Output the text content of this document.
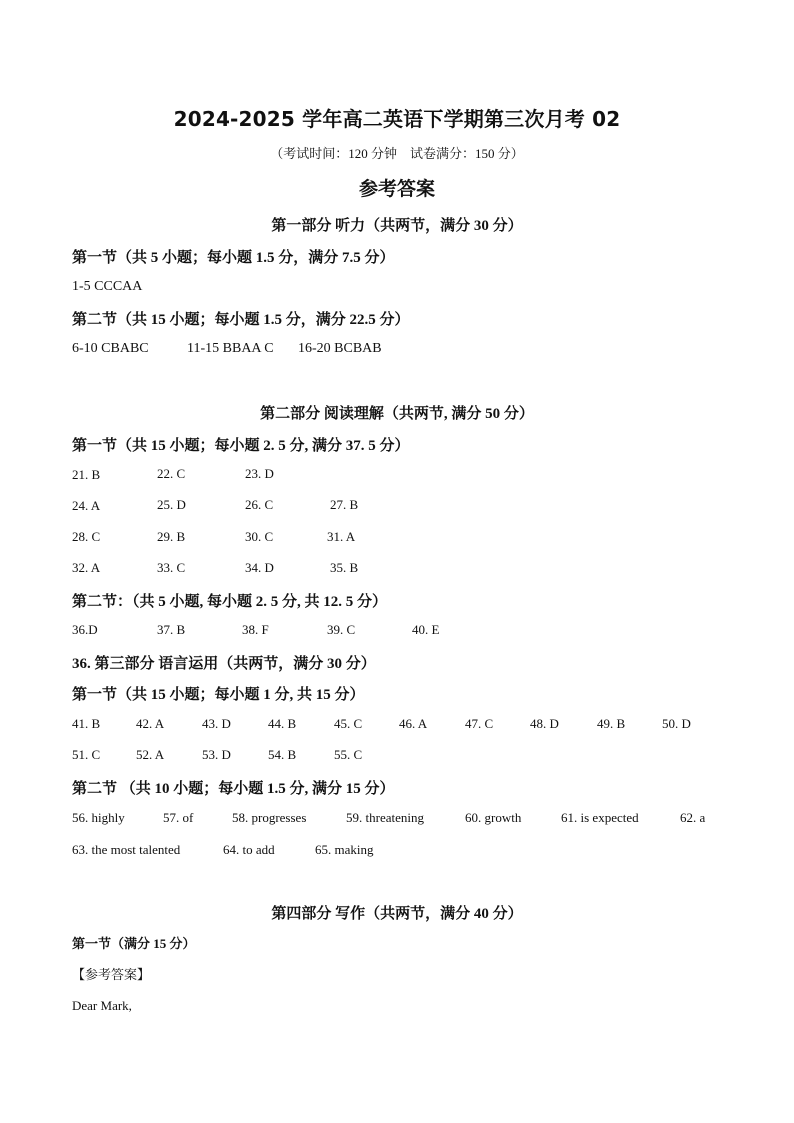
2024-2025 学年高二英语下学期第三次月考 02
（考试时间：120 分钟　试卷满分：150 分）
参考答案
第一部分 听力（共两节，满分 30 分）
第一节（共 5 小题；每小题 1.5 分，满分 7.5 分）
1-5 CCCAA
第二节（共 15 小题；每小题 1.5 分，满分 22.5 分）
6-10 CBABC	11-15 BBAA C 16-20 BCBAB
第二部分 阅读理解（共两节, 满分 50 分）
第一节（共 15 小题；每小题 2. 5 分, 满分 37. 5 分）
21. B	22. C	23. D
24. A	25. D	26. C	27. B
28. C	29. B	30. C	31. A
32. A	33. C	34. D	35. B
第二节：（共 5 小题, 每小题 2. 5 分, 共 12. 5 分）
36.D	37. B	38. F	39. C	40. E
36. 第三部分 语言运用（共两节，满分 30 分）
第一节（共 15 小题；每小题 1 分, 共 15 分）
41. B	42. A	43. D	44. B	45. C	46. A	47. C	48. D	49. B	50. D
51. C	52. A	53. D	54. B	55. C
第二节 （共 10 小题；每小题 1.5 分, 满分 15 分）
56. highly	57. of	58. progresses	59. threatening	60. growth	61. is expected	62. a
63. the most talented	64. to add	65. making
第四部分 写作（共两节，满分 40 分）
第一节（满分 15 分）
【参考答案】
Dear Mark,
